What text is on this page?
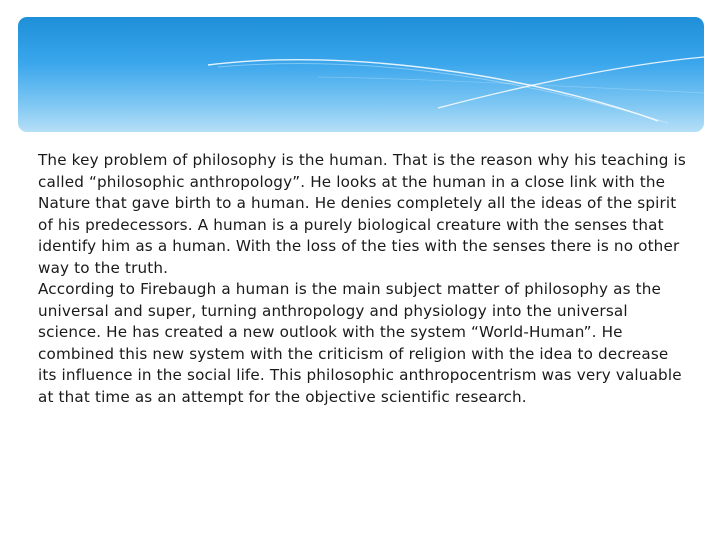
The key problem of philosophy is the human. That is the reason why his teaching is called “philosophic anthropology”. He looks at the human in a close link with the Nature that gave birth to a human. He denies completely all the ideas of the spirit of his predecessors. A human is a purely biological creature with the senses that identify him as a human. With the loss of the ties with the senses there is no other way to the truth.

According to Firebaugh a human is the main subject matter of philosophy as the universal and super, turning anthropology and physiology into the universal science. He has created a new outlook with the system “World-Human”. He combined this new system with the criticism of religion with the idea to decrease its influence in the social life. This philosophic anthropocentrism was very valuable at that time as an attempt for the objective scientific research.
